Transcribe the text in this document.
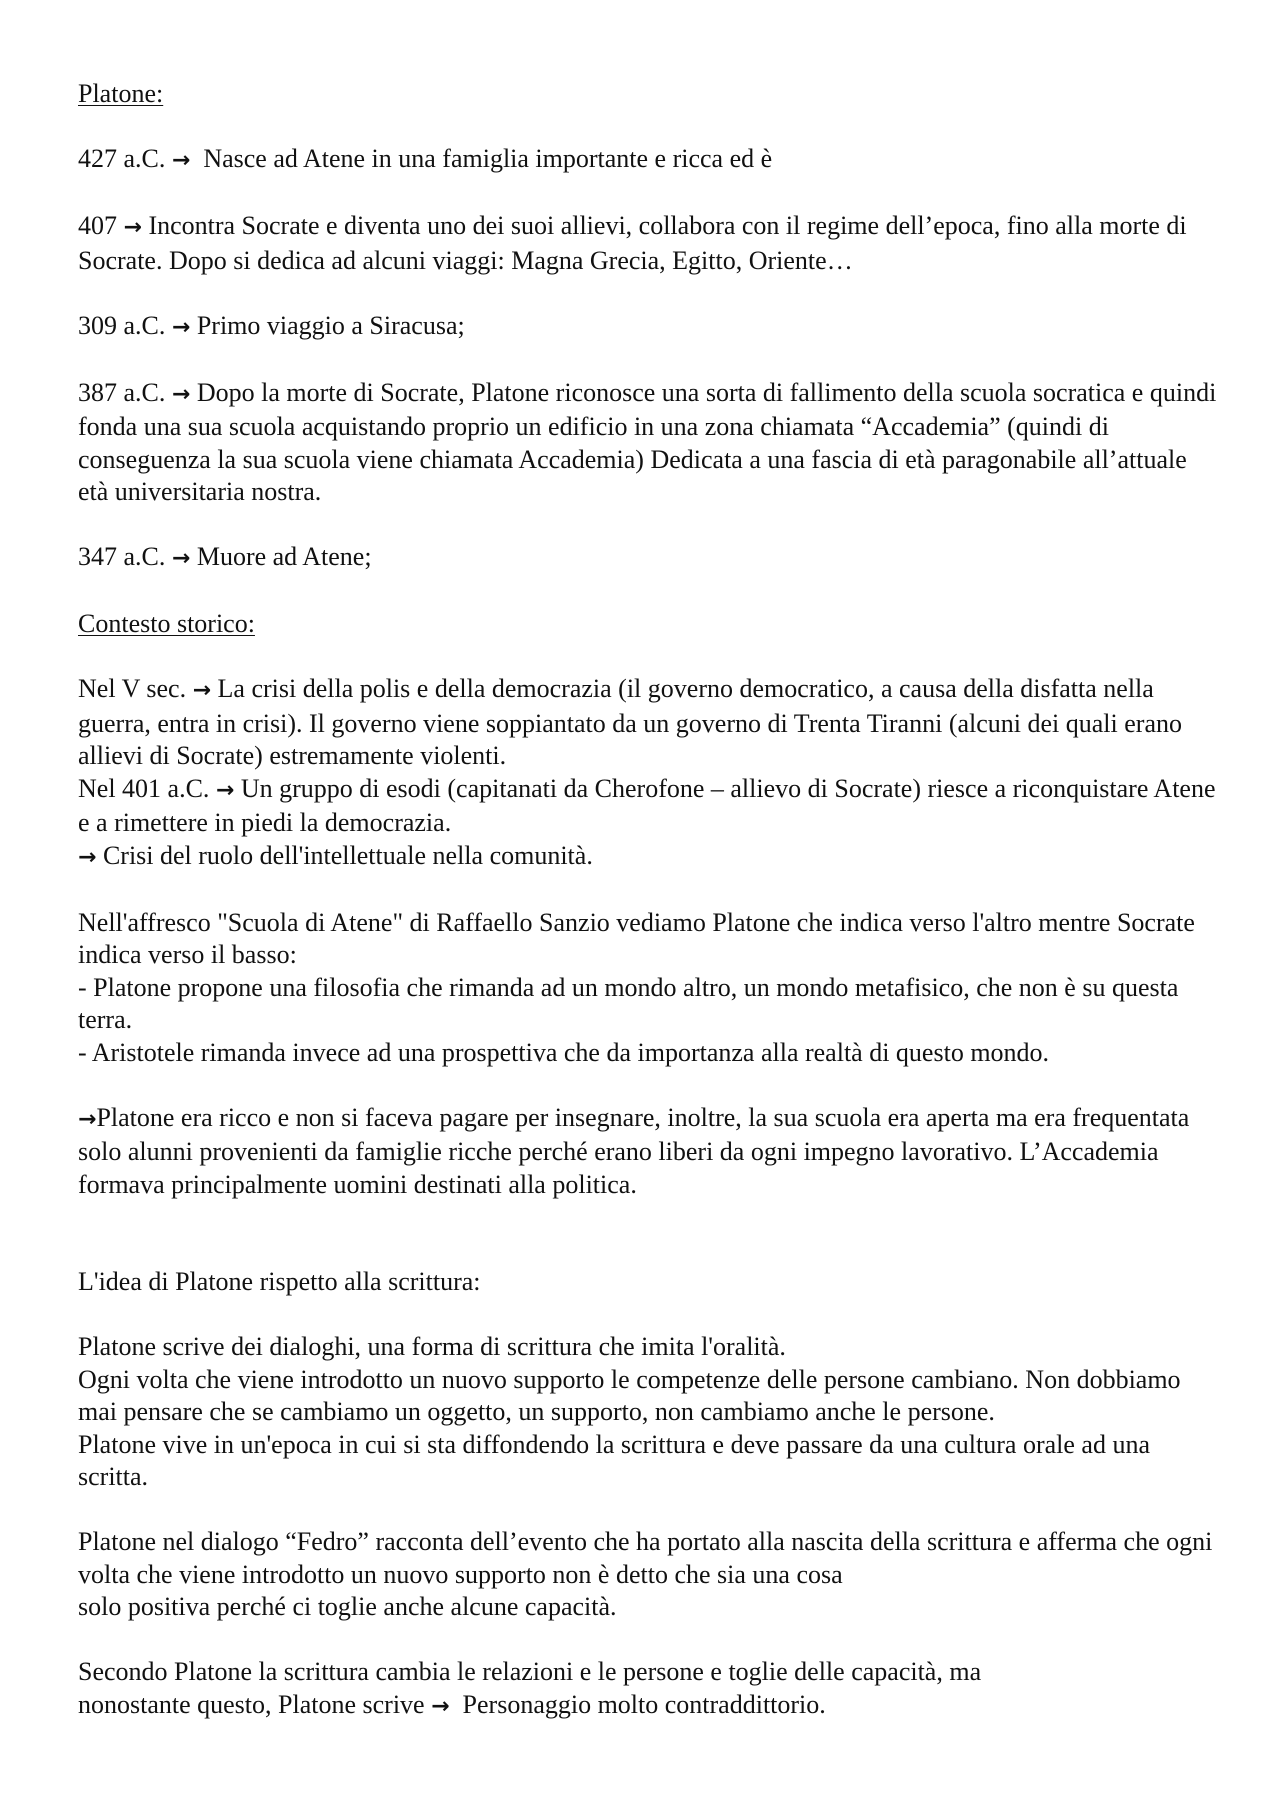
Platone:

427 a.C. → Nasce ad Atene in una famiglia importante e ricca ed è

407 → Incontra Socrate e diventa uno dei suoi allievi, collabora con il regime dell’epoca, fino alla morte di Socrate. Dopo si dedica ad alcuni viaggi: Magna Grecia, Egitto, Oriente…

309 a.C. → Primo viaggio a Siracusa;

387 a.C. → Dopo la morte di Socrate, Platone riconosce una sorta di fallimento della scuola socratica e quindi fonda una sua scuola acquistando proprio un edificio in una zona chiamata “Accademia” (quindi di conseguenza la sua scuola viene chiamata Accademia) Dedicata a una fascia di età paragonabile all’attuale età universitaria nostra.

347 a.C. → Muore ad Atene;

Contesto storico:

Nel V sec. → La crisi della polis e della democrazia (il governo democratico, a causa della disfatta nella guerra, entra in crisi). Il governo viene soppiantato da un governo di Trenta Tiranni (alcuni dei quali erano allievi di Socrate) estremamente violenti.

Nel 401 a.C. → Un gruppo di esodi (capitanati da Cherofone – allievo di Socrate) riesce a riconquistare Atene e a rimettere in piedi la democrazia.

→ Crisi del ruolo dell'intellettuale nella comunità.

Nell'affresco "Scuola di Atene" di Raffaello Sanzio vediamo Platone che indica verso l'altro mentre Socrate indica verso il basso:

- Platone propone una filosofia che rimanda ad un mondo altro, un mondo metafisico, che non è su questa terra.

- Aristotele rimanda invece ad una prospettiva che da importanza alla realtà di questo mondo.

→Platone era ricco e non si faceva pagare per insegnare, inoltre, la sua scuola era aperta ma era frequentata solo alunni provenienti da famiglie ricche perché erano liberi da ogni impegno lavorativo. L’Accademia formava principalmente uomini destinati alla politica.

L'idea di Platone rispetto alla scrittura:

Platone scrive dei dialoghi, una forma di scrittura che imita l'oralità.

Ogni volta che viene introdotto un nuovo supporto le competenze delle persone cambiano. Non dobbiamo mai pensare che se cambiamo un oggetto, un supporto, non cambiamo anche le persone.

Platone vive in un'epoca in cui si sta diffondendo la scrittura e deve passare da una cultura orale ad una scritta.

Platone nel dialogo “Fedro” racconta dell’evento che ha portato alla nascita della scrittura e afferma che ogni volta che viene introdotto un nuovo supporto non è detto che sia una cosa

solo positiva perché ci toglie anche alcune capacità.

Secondo Platone la scrittura cambia le relazioni e le persone e toglie delle capacità, ma

nonostante questo, Platone scrive → Personaggio molto contraddittorio.
